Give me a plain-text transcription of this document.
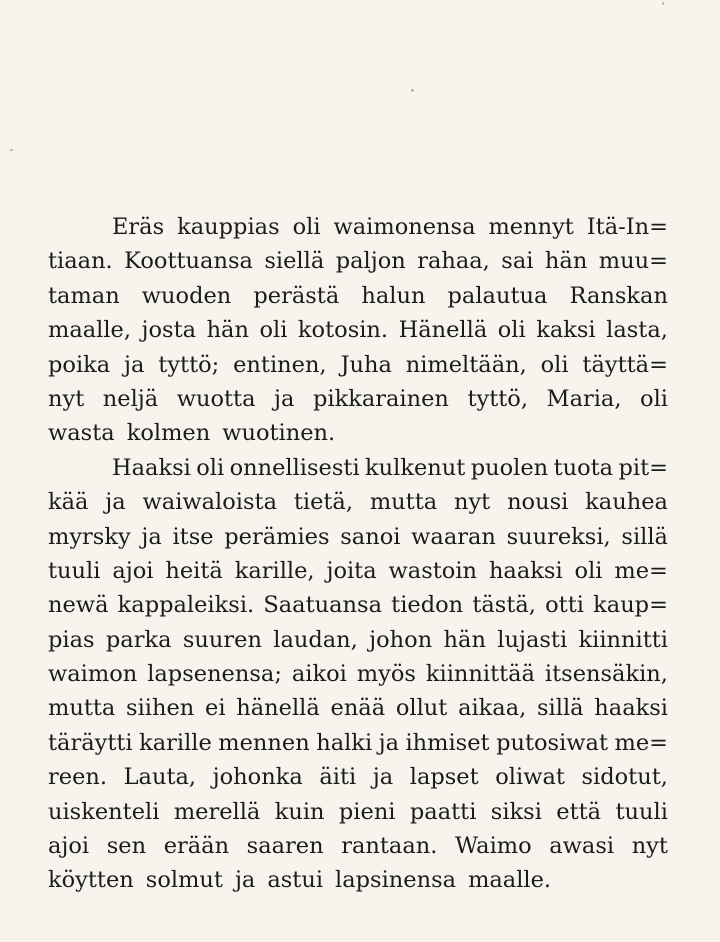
Eräs kauppias oli waimonensa mennyt Itä-In=
tiaan. Koottuansa siellä paljon rahaa, sai hän muu=
taman wuoden perästä halun palautua Ranskan
maalle, josta hän oli kotosin. Hänellä oli kaksi lasta,
poika ja tyttö; entinen, Juha nimeltään, oli täyttä=
nyt neljä wuotta ja pikkarainen tyttö, Maria, oli
wasta kolmen wuotinen.
Haaksi oli onnellisesti kulkenut puolen tuota pit=
kää ja waiwaloista tietä, mutta nyt nousi kauhea
myrsky ja itse perämies sanoi waaran suureksi, sillä
tuuli ajoi heitä karille, joita wastoin haaksi oli me=
newä kappaleiksi. Saatuansa tiedon tästä, otti kaup=
pias parka suuren laudan, johon hän lujasti kiinnitti
waimon lapsenensa; aikoi myös kiinnittää itsensäkin,
mutta siihen ei hänellä enää ollut aikaa, sillä haaksi
täräytti karille mennen halki ja ihmiset putosiwat me=
reen. Lauta, johonka äiti ja lapset oliwat sidotut,
uiskenteli merellä kuin pieni paatti siksi että tuuli
ajoi sen erään saaren rantaan. Waimo awasi nyt
köytten solmut ja astui lapsinensa maalle.
